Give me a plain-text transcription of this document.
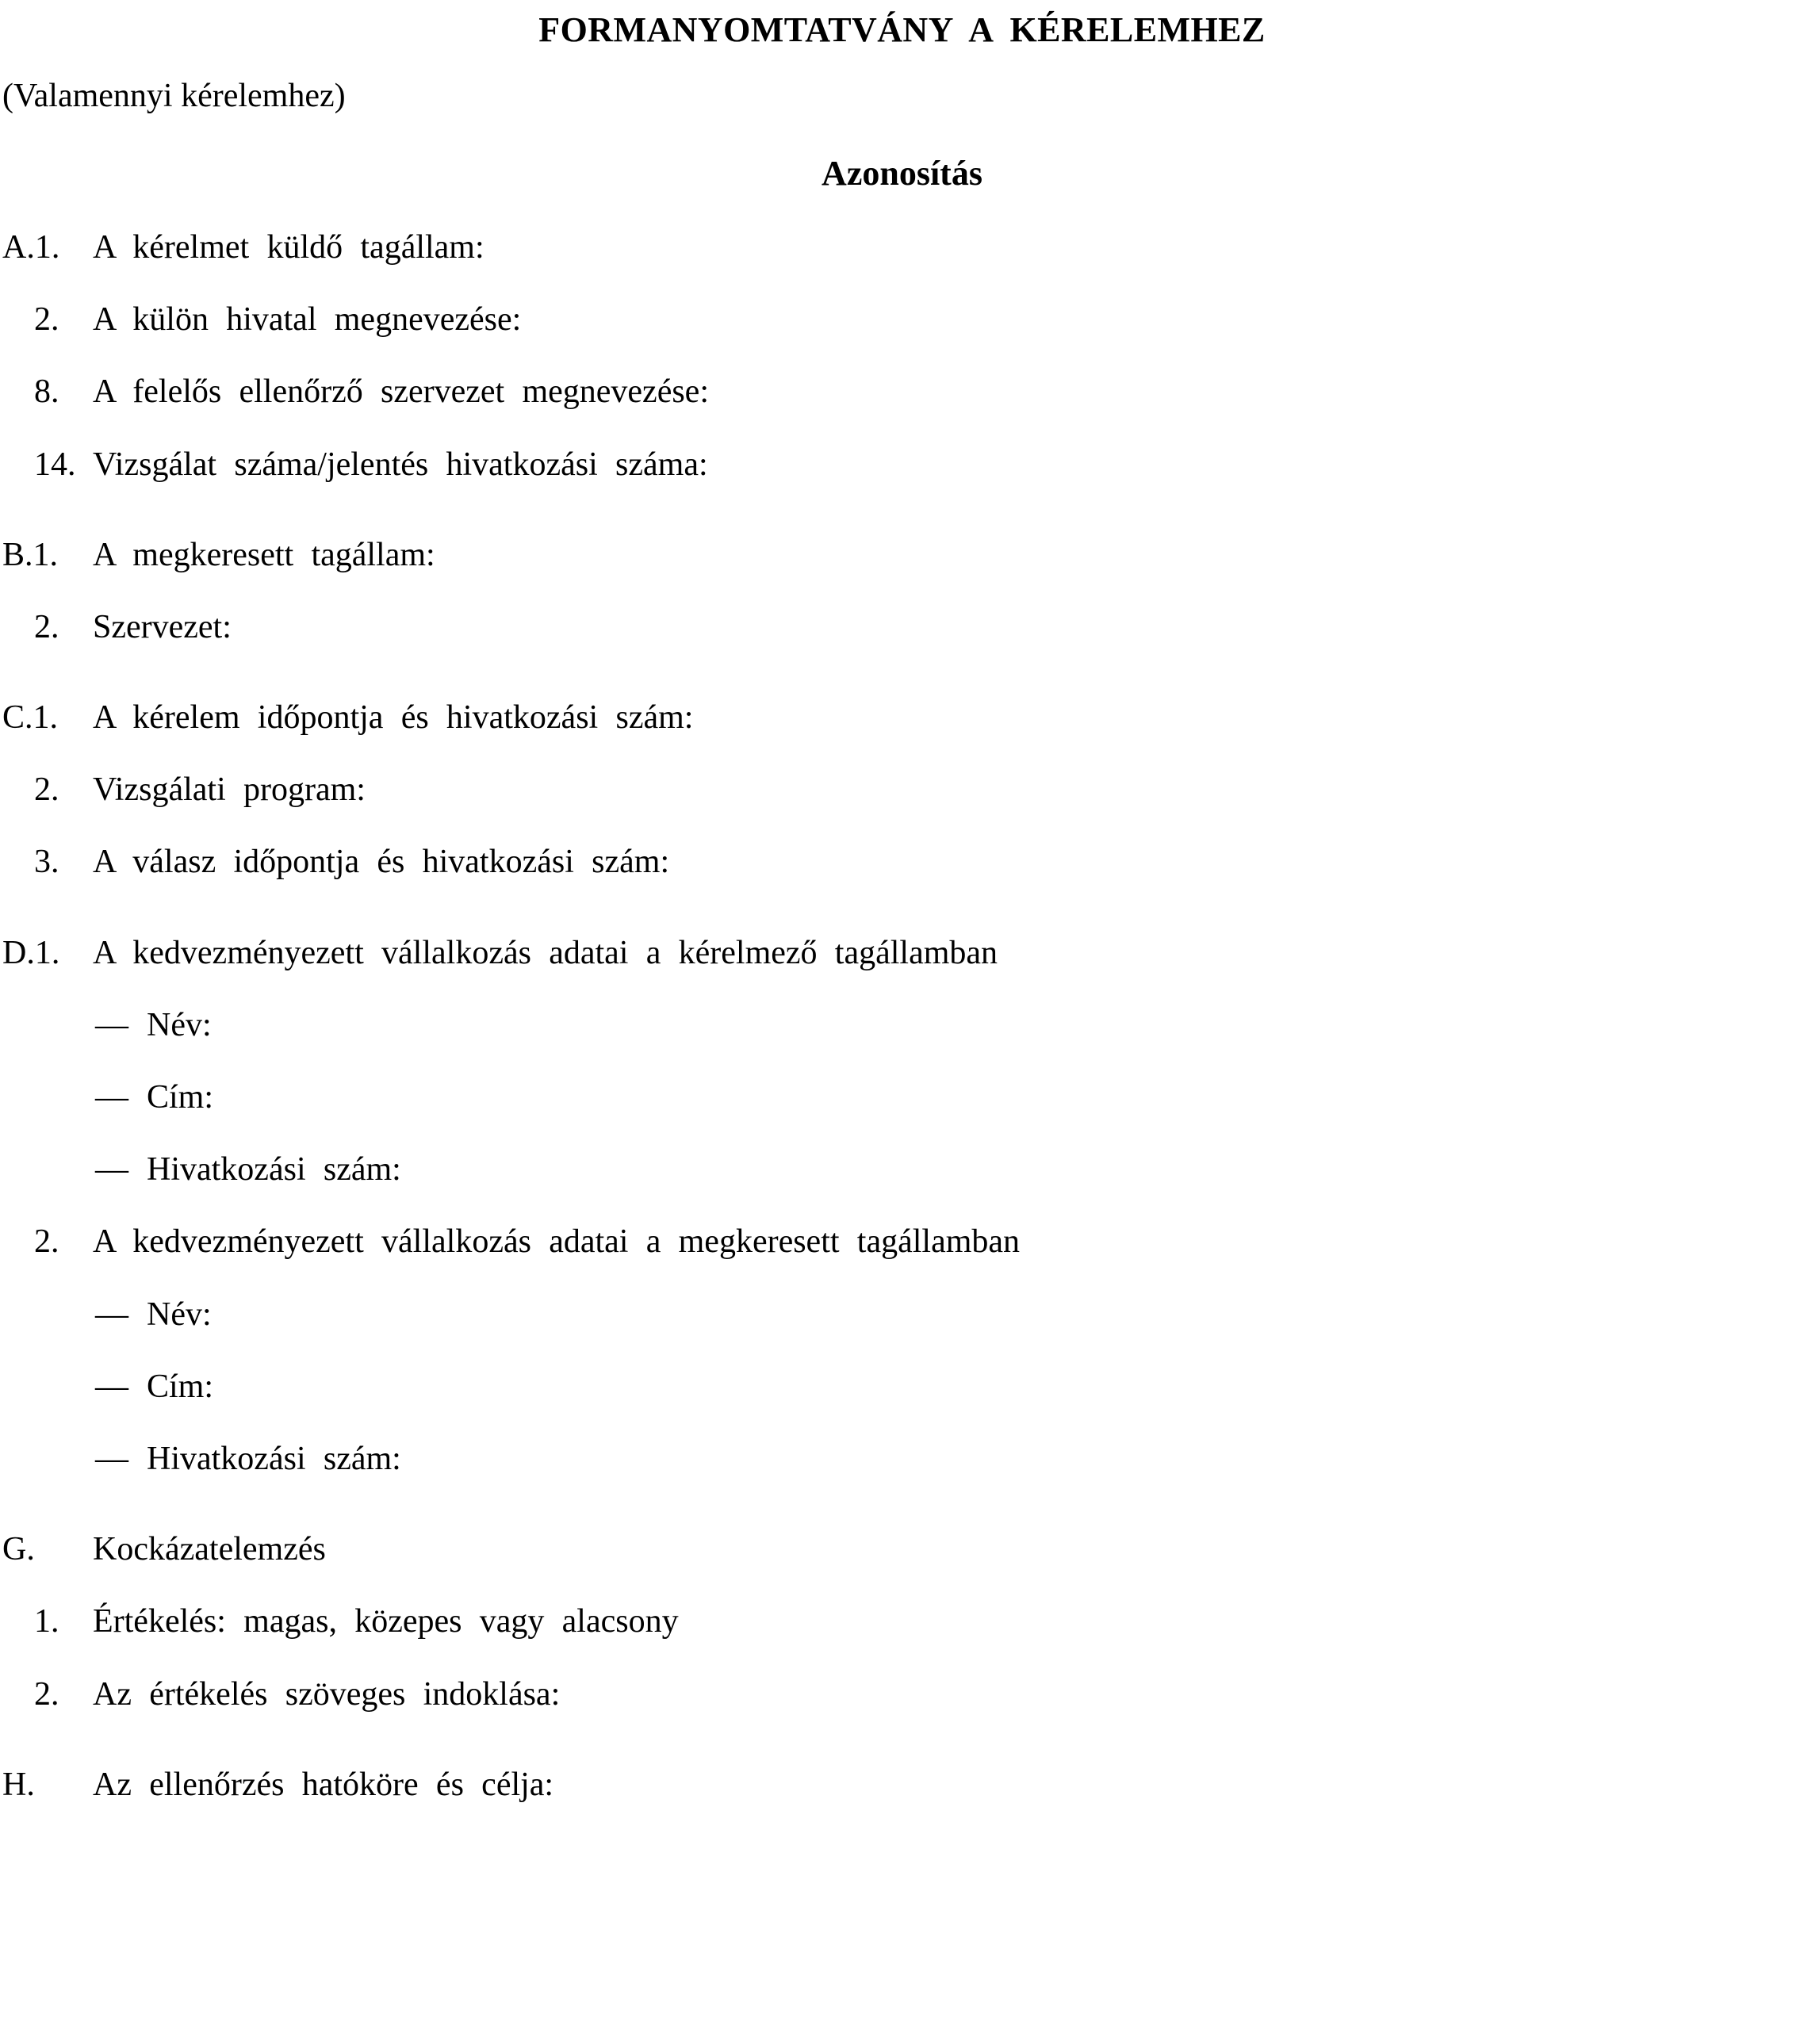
FORMANYOMTATVÁNY A KÉRELEMHEZ
(Valamennyi kérelemhez)
Azonosítás
A.1. A kérelmet küldő tagállam:
2.	A külön hivatal megnevezése:
8.	A felelős ellenőrző szervezet megnevezése:
14. Vizsgálat száma/jelentés hivatkozási száma:
B.1.	A megkeresett tagállam:
2.	Szervezet:
C.1.	A kérelem időpontja és hivatkozási szám:
2.	Vizsgálati program:
3.	A válasz időpontja és hivatkozási szám:
D.1. A kedvezményezett vállalkozás adatai a kérelmező tagállamban
— Név:
— Cím:
— Hivatkozási szám:
2.	A kedvezményezett vállalkozás adatai a megkeresett tagállamban
— Név:
— Cím:
— Hivatkozási szám:
G.	Kockázatelemzés
1.	Értékelés: magas, közepes vagy alacsony
2.	Az értékelés szöveges indoklása:
H.	Az ellenőrzés hatóköre és célja:
